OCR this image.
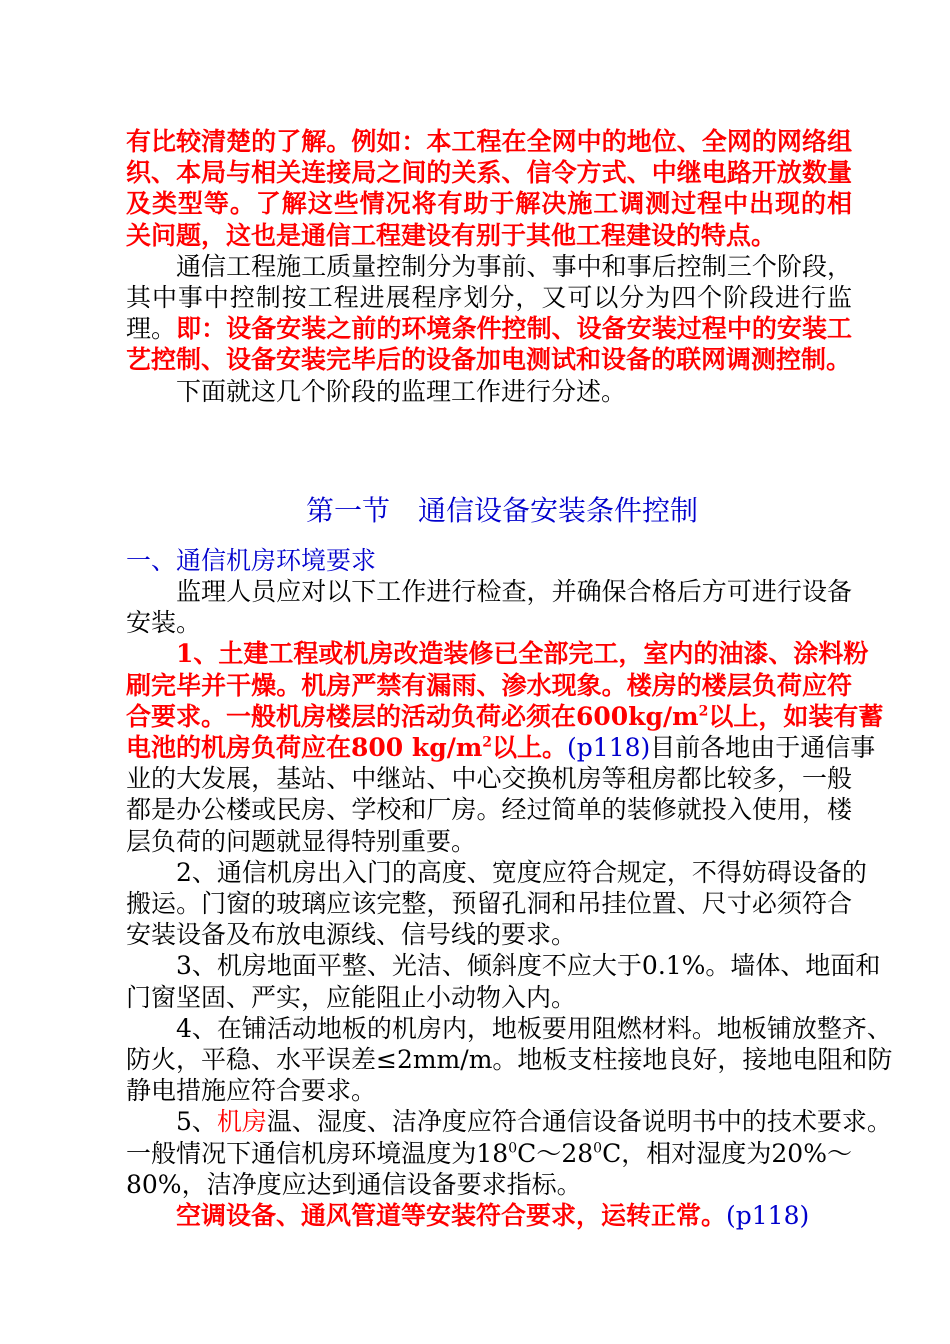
有比较清楚的了解。例如：本工程在全网中的地位、全网的网络组

织、本局与相关连接局之间的关系、信令方式、中继电路开放数量

及类型等。了解这些情况将有助于解决施工调测过程中出现的相

关问题，这也是通信工程建设有别于其他工程建设的特点。

通信工程施工质量控制分为事前、事中和事后控制三个阶段，

其中事中控制按工程进展程序划分，又可以分为四个阶段进行监

理。即：设备安装之前的环境条件控制、设备安装过程中的安装工

艺控制、设备安装完毕后的设备加电测试和设备的联网调测控制。

下面就这几个阶段的监理工作进行分述。

第一节　通信设备安装条件控制

一、通信机房环境要求

监理人员应对以下工作进行检查，并确保合格后方可进行设备

安装。

1、土建工程或机房改造装修已全部完工，室内的油漆、涂料粉

刷完毕并干燥。机房严禁有漏雨、渗水现象。楼房的楼层负荷应符

合要求。一般机房楼层的活动负荷必须在$600kg/m^2$以上，如装有蓄

电池的机房负荷应在800 $kg/m^2$以上。(p118)目前各地由于通信事

业的大发展，基站、中继站、中心交换机房等租房都比较多，一般

都是办公楼或民房、学校和厂房。经过简单的装修就投入使用，楼

层负荷的问题就显得特别重要。

2、通信机房出入门的高度、宽度应符合规定，不得妨碍设备的

搬运。门窗的玻璃应该完整，预留孔洞和吊挂位置、尺寸必须符合

安装设备及布放电源线、信号线的要求。

3、机房地面平整、光洁、倾斜度不应大于0.1%。墙体、地面和

门窗坚固、严实，应能阻止小动物入内。

4、在铺活动地板的机房内，地板要用阻燃材料。地板铺放整齐、

防火，平稳、水平误差≤2mm/m。地板支柱接地良好，接地电阻和防

静电措施应符合要求。

5、机房温、湿度、洁净度应符合通信设备说明书中的技术要求。

一般情况下通信机房环境温度为$18^0C\sim 28^0C$，相对湿度为20%～

80%，洁净度应达到通信设备要求指标。

空调设备、通风管道等安装符合要求，运转正常。(p118)
